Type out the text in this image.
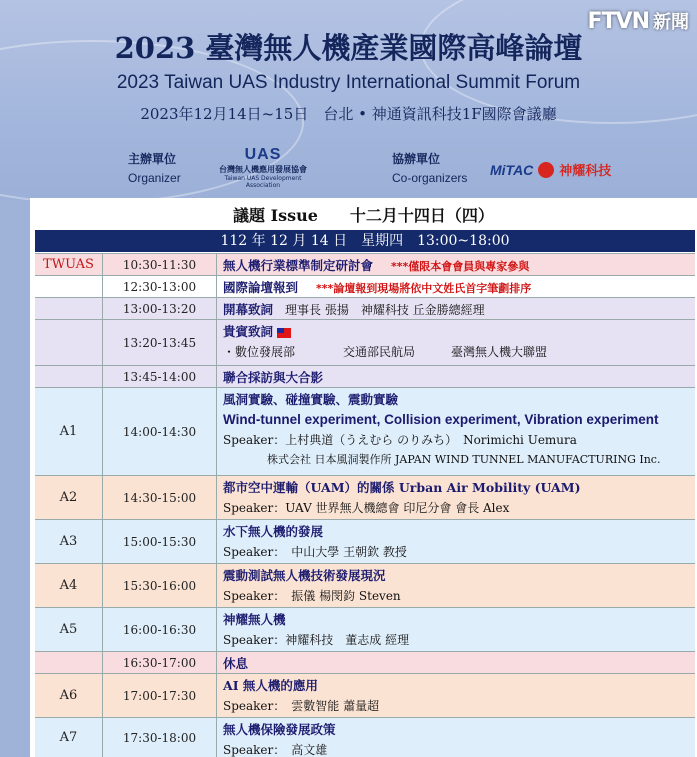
FTVN 新聞
2023 臺灣無人機產業國際高峰論壇
2023 Taiwan UAS Industry International Summit Forum
2023年12月14日~15日　台北 • 神通資訊科技1F國際會議廳
主辦單位
Organizer
UAS
台灣無人機應用發展協會
Taiwan UAS Development Association
協辦單位
Co-organizers
MiTAC 神耀科技
議題 Issue　　十二月十四日（四）
112 年 12 月 14 日　星期四　13:00~18:00
TWUAS	10:30-11:30	無人機行業標準制定研討會 ***僅限本會會員與專家參與
12:30-13:00	國際論壇報到 ***論壇報到現場將依中文姓氏首字筆劃排序
13:00-13:20	開幕致詞　理事長 張揚　神耀科技 丘金勝總經理
13:20-13:45
貴賓致詞
・數位發展部　　　　交通部民航局　　　臺灣無人機大聯盟
13:45-14:00	聯合採訪與大合影
A1	14:00-14:30
風洞實驗、碰撞實驗、震動實驗
Wind-tunnel experiment, Collision experiment, Vibration experiment
Speaker：上村典道（うえむら のりみち）　Norimichi Uemura
　　　　株式会社 日本風洞製作所 JAPAN WIND TUNNEL MANUFACTURING Inc.
A2	14:30-15:00
都市空中運輸（UAM）的關係 Urban Air Mobility (UAM)
Speaker：UAV 世界無人機總會 印尼分會 會長 Alex
A3	15:00-15:30
水下無人機的發展
Speaker：　中山大學 王朝欽 教授
A4	15:30-16:00
震動測試無人機技術發展現況
Speaker：　振儀 楊閔鈞 Steven
A5	16:00-16:30
神耀無人機
Speaker：神耀科技　董志成 經理
16:30-17:00	休息
A6	17:00-17:30
AI 無人機的應用
Speaker：　雲數智能 蕭量超
A7	17:30-18:00
無人機保險發展政策
Speaker：　高文雄
